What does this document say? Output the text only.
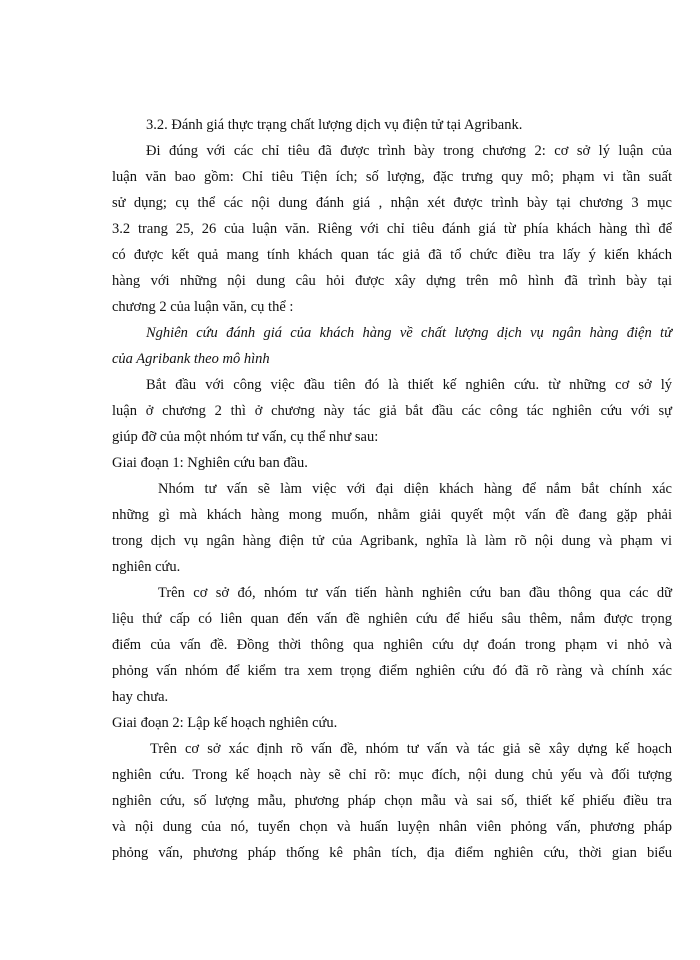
3.2. Đánh giá thực trạng chất lượng dịch vụ điện tử tại Agribank.
Đi đúng với các chỉ tiêu đã được trình bày trong chương 2: cơ sở lý luận của
luận văn bao gồm: Chỉ tiêu Tiện ích; số lượng, đặc trưng quy mô; phạm vi tần suất
sử dụng; cụ thể các nội dung đánh giá , nhận xét được trình bày tại chương 3 mục
3.2 trang 25, 26 của luận văn. Riêng với chỉ tiêu đánh giá từ phía khách hàng thì để
có được kết quả mang tính khách quan tác giả đã tổ chức điều tra lấy ý kiến khách
hàng với những nội dung câu hỏi được xây dựng trên mô hình đã trình bày tại
chương 2 của luận văn, cụ thể :
Nghiên cứu đánh giá của khách hàng về chất lượng dịch vụ ngân hàng điện tử
của Agribank theo mô hình
Bắt đầu với công việc đầu tiên đó là thiết kế nghiên cứu. từ những cơ sở lý
luận ở chương 2 thì ở chương này tác giả bắt đầu các công tác nghiên cứu với sự
giúp đỡ của một nhóm tư vấn, cụ thể như sau:
Giai đoạn 1: Nghiên cứu ban đầu.
Nhóm tư vấn sẽ làm việc với đại diện khách hàng để nắm bắt chính xác
những gì mà khách hàng mong muốn, nhằm giải quyết một vấn đề đang gặp phải
trong dịch vụ ngân hàng điện tử của Agribank, nghĩa là làm rõ nội dung và phạm vi
nghiên cứu.
Trên cơ sở đó, nhóm tư vấn tiến hành nghiên cứu ban đầu thông qua các dữ
liệu thứ cấp có liên quan đến vấn đề nghiên cứu để hiểu sâu thêm, nắm được trọng
điểm của vấn đề. Đồng thời thông qua nghiên cứu dự đoán trong phạm vi nhỏ và
phỏng vấn nhóm để kiểm tra xem trọng điểm nghiên cứu đó đã rõ ràng và chính xác
hay chưa.
Giai đoạn 2: Lập kế hoạch nghiên cứu.
Trên cơ sở xác định rõ vấn đề, nhóm tư vấn và tác giả sẽ xây dựng kế hoạch
nghiên cứu. Trong kế hoạch này sẽ chỉ rõ: mục đích, nội dung chủ yếu và đối tượng
nghiên cứu, số lượng mẫu, phương pháp chọn mẫu và sai số, thiết kế phiếu điều tra
và nội dung của nó, tuyển chọn và huấn luyện nhân viên phỏng vấn, phương pháp
phỏng vấn, phương pháp thống kê phân tích, địa điểm nghiên cứu, thời gian biểu
